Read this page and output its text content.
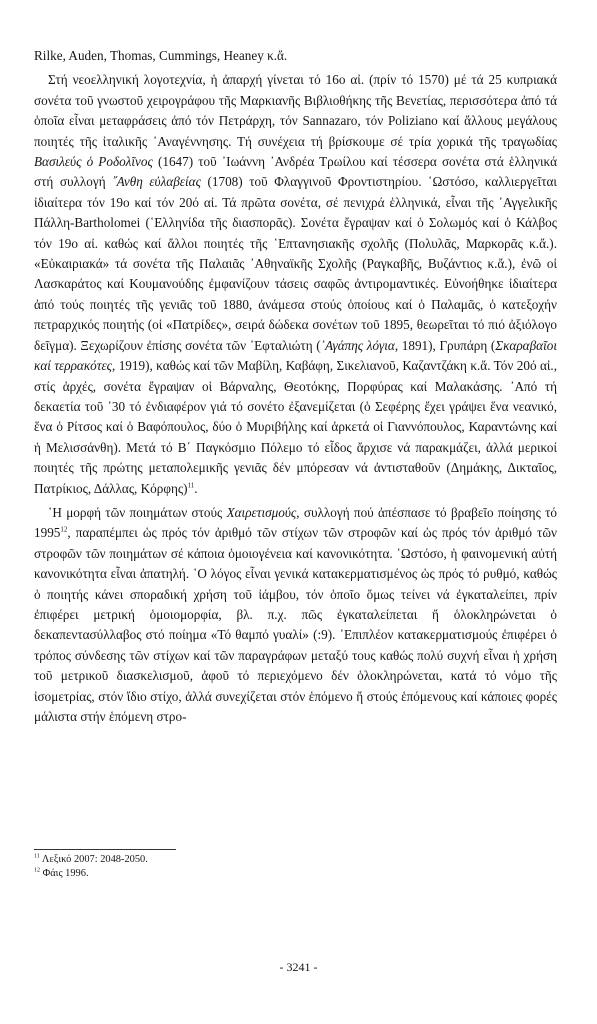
Rilke, Auden, Thomas, Cummings, Heaney κ.ἄ.

Στή νεοελληνική λογοτεχνία, ἡ ἀπαρχή γίνεται τό 16ο αἰ. (πρίν τό 1570) μέ τά 25 κυπριακά σονέτα τοῦ γνωστοῦ χειρογράφου τῆς Μαρκιανῆς Βιβλιοθήκης τῆς Βενετίας, περισσότερα ἀπό τά ὁποῖα εἶναι μεταφράσεις ἀπό τόν Πετράρχη, τόν Sannazaro, τόν Poliziano καί ἄλλους μεγάλους ποιητές τῆς ἰταλικῆς ᾿Αναγέννησης. Τή συνέχεια τή βρίσκουμε σέ τρία χορικά τῆς τραγωδίας Βασιλεύς ὁ Ροδολῖνος (1647) τοῦ ᾿Ιωάννη ᾿Ανδρέα Τρωίλου καί τέσσερα σονέτα στά ἑλληνικά στή συλλογή ῎Ανθη εὐλαβείας (1708) τοῦ Φλαγγινοῦ Φροντιστηρίου. ῾Ωστόσο, καλλιεργεῖται ἰδιαίτερα τόν 19ο καί τόν 20ό αἰ. Τά πρῶτα σονέτα, σέ πενιχρά ἑλληνικά, εἶναι τῆς ᾿Αγγελικῆς Πάλλη-Bartholomei (῾Ελληνίδα τῆς διασπορᾶς). Σονέτα ἔγραψαν καί ὁ Σολωμός καί ὁ Κάλβος τόν 19ο αἰ. καθώς καί ἄλλοι ποιητές τῆς ῾Επτανησιακῆς σχολῆς (Πολυλᾶς, Μαρκορᾶς κ.ἄ.). «Εὐκαιριακά» τά σονέτα τῆς Παλαιᾶς ᾿Αθηναϊκῆς Σχολῆς (Ραγκαβῆς, Βυζάντιος κ.ἄ.), ἐνῶ οἱ Λασκαράτος καί Κουμανούδης ἐμφανίζουν τάσεις σαφῶς ἀντιρομαντικές. Εὐνοήθηκε ἰδιαίτερα ἀπό τούς ποιητές τῆς γενιᾶς τοῦ 1880, ἀνάμεσα στούς ὁποίους καί ὁ Παλαμᾶς, ὁ κατεξοχήν πετραρχικός ποιητής (οἱ «Πατρίδες», σειρά δώδεκα σονέτων τοῦ 1895, θεωρεῖται τό πιό ἀξιόλογο δεῖγμα). Ξεχωρίζουν ἐπίσης σονέτα τῶν ᾿Εφταλιώτη (᾿Αγάπης λόγια, 1891), Γρυπάρη (Σκαραβαῖοι καί τερρακότες, 1919), καθώς καί τῶν Μαβίλη, Καβάφη, Σικελιανοῦ, Καζαντζάκη κ.ἄ. Τόν 20ό αἰ., στίς ἀρχές, σονέτα ἔγραψαν οἱ Βάρναλης, Θεοτόκης, Πορφύρας καί Μαλακάσης. ᾿Από τή δεκαετία τοῦ ᾿30 τό ἐνδιαφέρον γιά τό σονέτο ἐξανεμίζεται (ὁ Σεφέρης ἔχει γράψει ἕνα νεανικό, ἕνα ὁ Ρίτσος καί ὁ Βαφόπουλος, δύο ὁ Μυριβήλης καί ἀρκετά οἱ Γιαννόπουλος, Καραντώνης καί ἡ Μελισσάνθη). Μετά τό Β΄ Παγκόσμιο Πόλεμο τό εἶδος ἄρχισε νά παρακμάζει, ἀλλά μερικοί ποιητές τῆς πρώτης μεταπολεμικῆς γενιᾶς δέν μπόρεσαν νά ἀντισταθοῦν (Δημάκης, Δικταῖος, Πατρίκιος, Δάλλας, Κόρφης)$^{11}$.

῾Η μορφή τῶν ποιημάτων στούς Χαιρετισμούς, συλλογή πού ἀπέσπασε τό βραβεῖο ποίησης τό 1995$^{12}$, παραπέμπει ὡς πρός τόν ἀριθμό τῶν στίχων τῶν στροφῶν καί ὡς πρός τόν ἀριθμό τῶν στροφῶν τῶν ποιημάτων σέ κάποια ὁμοιογένεια καί κανονικότητα. ῾Ωστόσο, ἡ φαινομενική αὐτή κανονικότητα εἶναι ἀπατηλή. ῾Ο λόγος εἶναι γενικά κατακερματισμένος ὡς πρός τό ρυθμό, καθώς ὁ ποιητής κάνει σποραδική χρήση τοῦ ἰάμβου, τόν ὁποῖο ὅμως τείνει νά ἐγκαταλείπει, πρίν ἐπιφέρει μετρική ὁμοιομορφία, βλ. π.χ. πῶς ἐγκαταλείπεται ἤ ὁλοκληρώνεται ὁ δεκαπεντασύλλαβος στό ποίημα «Τό θαμπό γυαλί» (:9). ᾿Επιπλέον κατακερματισμούς ἐπιφέρει ὁ τρόπος σύνδεσης τῶν στίχων καί τῶν παραγράφων μεταξύ τους καθώς πολύ συχνή εἶναι ἡ χρήση τοῦ μετρικοῦ διασκελισμοῦ, ἀφοῦ τό περιεχόμενο δέν ὁλοκληρώνεται, κατά τό νόμο τῆς ἰσομετρίας, στόν ἴδιο στίχο, ἀλλά συνεχίζεται στόν ἑπόμενο ἤ στούς ἑπόμενους καί κάποιες φορές μάλιστα στήν ἑπόμενη στρο-

$^{11}$ Λεξικό 2007: 2048-2050.
$^{12}$ Φάις 1996.
- 3241 -
